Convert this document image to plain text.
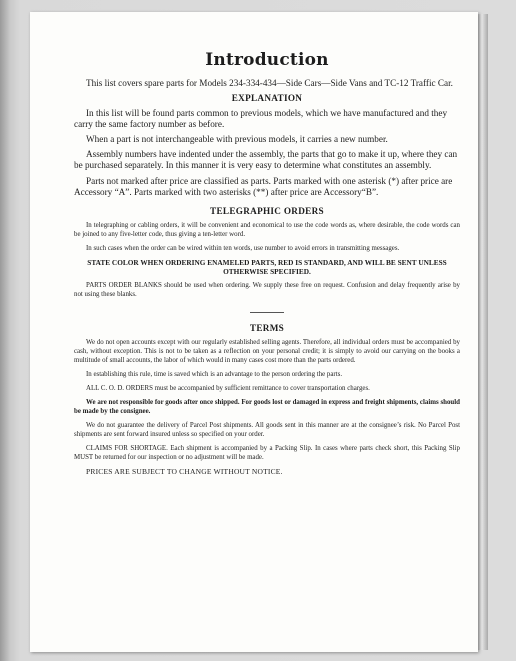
Introduction

This list covers spare parts for Models 234-334-434—Side Cars—Side Vans and TC-12 Traffic Car.

EXPLANATION

In this list will be found parts common to previous models, which we have manufactured and they carry the same factory number as before.

When a part is not interchangeable with previous models, it carries a new number.

Assembly numbers have indented under the assembly, the parts that go to make it up, where they can be purchased separately. In this manner it is very easy to determine what constitutes an assembly.

Parts not marked after price are classified as parts. Parts marked with one asterisk (*) after price are Accessory “A”. Parts marked with two asterisks (**) after price are Accessory“B”.

TELEGRAPHIC ORDERS

In telegraphing or cabling orders, it will be convenient and economical to use the code words as, where desirable, the code words can be joined to any five-letter code, thus giving a ten-letter word.

In such cases when the order can be wired within ten words, use number to avoid errors in transmitting messages.

STATE COLOR WHEN ORDERING ENAMELED PARTS, RED IS STANDARD, AND WILL BE SENT UNLESS OTHERWISE SPECIFIED.

PARTS ORDER BLANKS should be used when ordering. We supply these free on request. Confusion and delay frequently arise by not using these blanks.

TERMS

We do not open accounts except with our regularly established selling agents. Therefore, all individual orders must be accompanied by cash, without exception. This is not to be taken as a reflection on your personal credit; it is simply to avoid our carrying on the books a multitude of small accounts, the labor of which would in many cases cost more than the parts ordered.

In establishing this rule, time is saved which is an advantage to the person ordering the parts.

ALL C. O. D. ORDERS must be accompanied by sufficient remittance to cover transportation charges.

We are not responsible for goods after once shipped. For goods lost or damaged in express and freight shipments, claims should be made by the consignee.

We do not guarantee the delivery of Parcel Post shipments. All goods sent in this manner are at the consignee’s risk. No Parcel Post shipments are sent forward insured unless so specified on your order.

CLAIMS FOR SHORTAGE. Each shipment is accompanied by a Packing Slip. In cases where parts check short, this Packing Slip MUST be returned for our inspection or no adjustment will be made.

PRICES ARE SUBJECT TO CHANGE WITHOUT NOTICE.
